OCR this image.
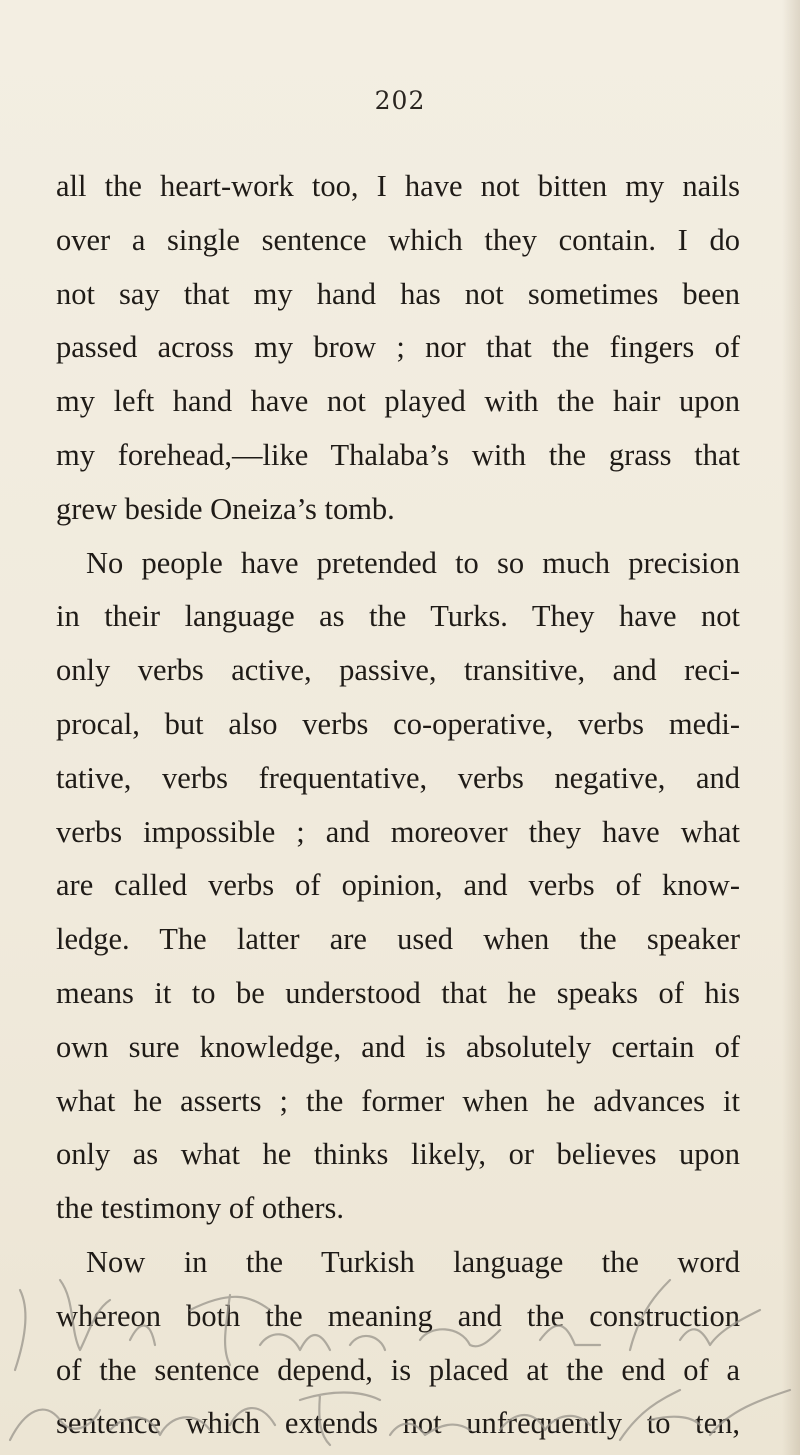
202
all the heart-work too, I have not bitten my nails
over a single sentence which they contain. I do
not say that my hand has not sometimes been
passed across my brow ; nor that the fingers of
my left hand have not played with the hair upon
my forehead,—like Thalaba’s with the grass that
grew beside Oneiza’s tomb.
No people have pretended to so much precision
in their language as the Turks. They have not
only verbs active, passive, transitive, and reci-
procal, but also verbs co-operative, verbs medi-
tative, verbs frequentative, verbs negative, and
verbs impossible ; and moreover they have what
are called verbs of opinion, and verbs of know-
ledge. The latter are used when the speaker
means it to be understood that he speaks of his
own sure knowledge, and is absolutely certain of
what he asserts ; the former when he advances it
only as what he thinks likely, or believes upon
the testimony of others.
Now in the Turkish language the word
whereon both the meaning and the construction
of the sentence depend, is placed at the end of a
sentence which extends not unfrequently to ten,
